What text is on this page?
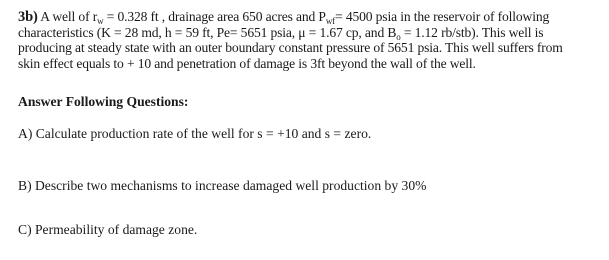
3b) A well of $r_w = 0.328$ ft , drainage area 650 acres and $P_{wf}= 4500$ psia in the reservoir of following
characteristics (K = 28 md, h = 59 ft, Pe= 5651 psia, μ = 1.67 cp, and $B_o = 1.12$ rb/stb). This well is
producing at steady state with an outer boundary constant pressure of 5651 psia. This well suffers from
skin effect equals to + 10 and penetration of damage is 3ft beyond the wall of the well.

Answer Following Questions:

A) Calculate production rate of the well for s = +10 and s = zero.

B) Describe two mechanisms to increase damaged well production by 30%

C) Permeability of damage zone.
